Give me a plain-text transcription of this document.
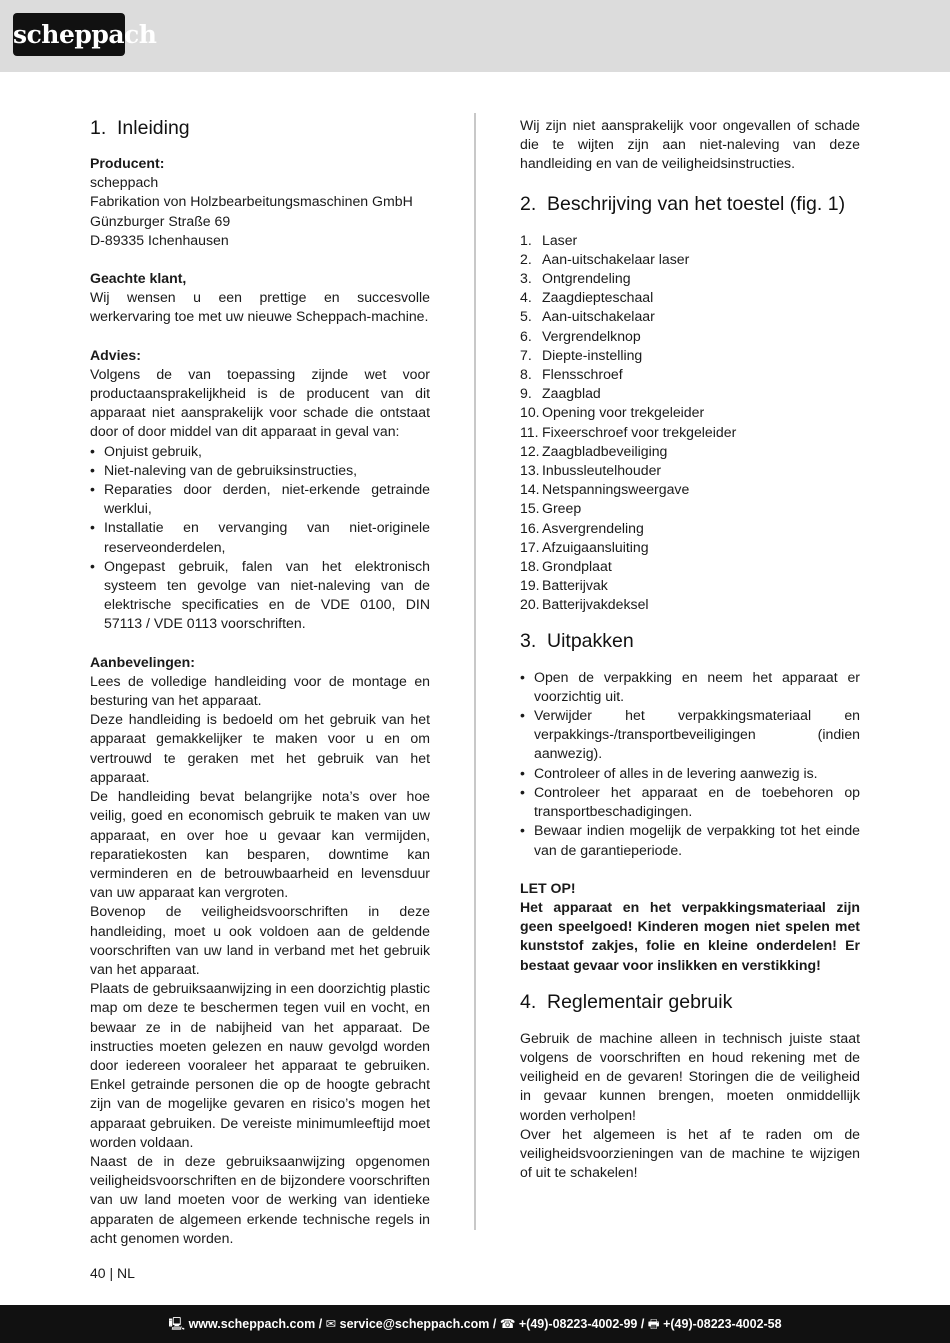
scheppach
1. Inleiding

Producent:

scheppach
Fabrikation von Holzbearbeitungsmaschinen GmbH
Günzburger Straße 69
D-89335 Ichenhausen

Geachte klant,

Wij wensen u een prettige en succesvolle werkervaring toe met uw nieuwe Scheppach-machine.

Advies:

Volgens de van toepassing zijnde wet voor productaansprakelijkheid is de producent van dit apparaat niet aansprakelijk voor schade die ontstaat door of door middel van dit apparaat in geval van:

• Onjuist gebruik,
• Niet-naleving van de gebruiksinstructies,
• Reparaties door derden, niet-erkende getrainde werklui,
• Installatie en vervanging van niet-originele reserveonderdelen,
• Ongepast gebruik, falen van het elektronisch systeem ten gevolge van niet-naleving van de elektrische specificaties en de VDE 0100, DIN 57113 / VDE 0113 voorschriften.

Aanbevelingen:

Lees de volledige handleiding voor de montage en besturing van het apparaat.

Deze handleiding is bedoeld om het gebruik van het apparaat gemakkelijker te maken voor u en om vertrouwd te geraken met het gebruik van het apparaat.

De handleiding bevat belangrijke nota’s over hoe veilig, goed en economisch gebruik te maken van uw apparaat, en over hoe u gevaar kan vermijden, reparatiekosten kan besparen, downtime kan verminderen en de betrouwbaarheid en levensduur van uw apparaat kan vergroten.

Bovenop de veiligheidsvoorschriften in deze handleiding, moet u ook voldoen aan de geldende voorschriften van uw land in verband met het gebruik van het apparaat.

Plaats de gebruiksaanwijzing in een doorzichtig plastic map om deze te beschermen tegen vuil en vocht, en bewaar ze in de nabijheid van het apparaat. De instructies moeten gelezen en nauw gevolgd worden door iedereen vooraleer het apparaat te gebruiken. Enkel getrainde personen die op de hoogte gebracht zijn van de mogelijke gevaren en risico’s mogen het apparaat gebruiken. De vereiste minimumleeftijd moet worden voldaan.

Naast de in deze gebruiksaanwijzing opgenomen veiligheidsvoorschriften en de bijzondere voorschriften van uw land moeten voor de werking van identieke apparaten de algemeen erkende technische regels in acht genomen worden.

Wij zijn niet aansprakelijk voor ongevallen of schade die te wijten zijn aan niet-naleving van deze handleiding en van de veiligheidsinstructies.

2. Beschrijving van het toestel (fig. 1)
1. Laser
2. Aan-uitschakelaar laser
3. Ontgrendeling
4. Zaagdiepteschaal
5. Aan-uitschakelaar
6. Vergrendelknop
7. Diepte-instelling
8. Flensschroef
9. Zaagblad
10. Opening voor trekgeleider
11. Fixeerschroef voor trekgeleider
12. Zaagbladbeveiliging
13. Inbussleutelhouder
14. Netspanningsweergave
15. Greep
16. Asvergrendeling
17. Afzuigaansluiting
18. Grondplaat
19. Batterijvak
20. Batterijvakdeksel
3. Uitpakken
• Open de verpakking en neem het apparaat er voorzichtig uit.
• Verwijder het verpakkingsmateriaal en verpakkings-/transportbeveiligingen (indien aanwezig).
• Controleer of alles in de levering aanwezig is.
• Controleer het apparaat en de toebehoren op transportbeschadigingen.
• Bewaar indien mogelijk de verpakking tot het einde van de garantieperiode.

LET OP!

Het apparaat en het verpakkingsmateriaal zijn geen speelgoed! Kinderen mogen niet spelen met kunststof zakjes, folie en kleine onderdelen! Er bestaat gevaar voor inslikken en verstikking!

4. Reglementair gebruik

Gebruik de machine alleen in technisch juiste staat volgens de voorschriften en houd rekening met de veiligheid en de gevaren! Storingen die de veiligheid in gevaar kunnen brengen, moeten onmiddellijk worden verholpen!

Over het algemeen is het af te raden om de veiligheidsvoorzieningen van de machine te wijzigen of uit te schakelen!

40 | NL
🖳 www.scheppach.com / ✉ service@scheppach.com / ☎ +(49)-08223-4002-99 / 🖶 +(49)-08223-4002-58
